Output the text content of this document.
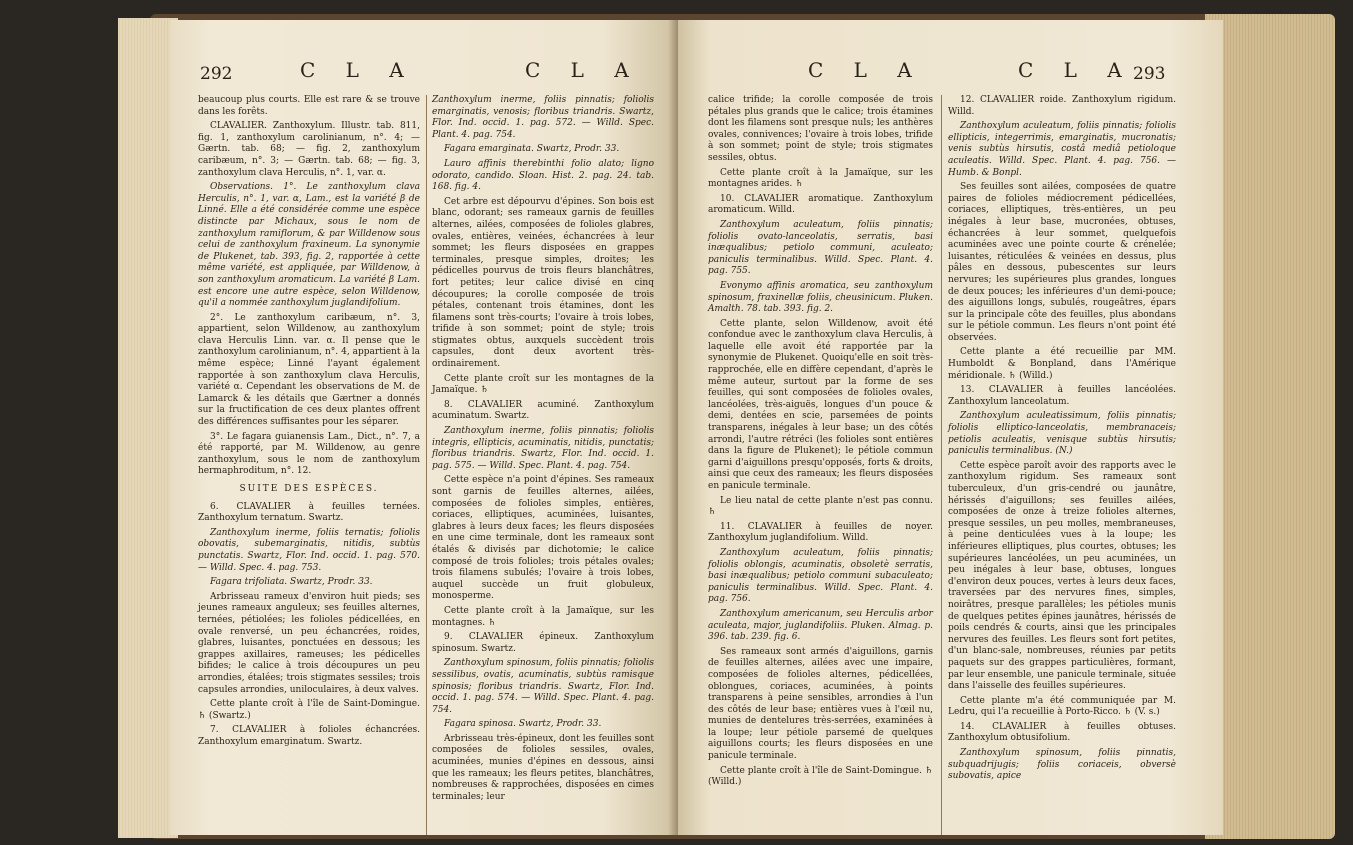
292	C L A	C L A

beaucoup plus courts. Elle est rare & se trouve dans les forêts.

CLAVALIER. Zanthoxylum. Illustr. tab. 811, fig. 1, zanthoxylum carolinianum, n°. 4; — Gærtn. tab. 68; — fig. 2, zanthoxylum caribæum, n°. 3; — Gærtn. tab. 68; — fig. 3, zanthoxylum clava Herculis, n°. 1, var. α.

Observations. 1°. Le zanthoxylum clava Herculis, n°. 1, var. α, Lam., est la variété β de Linné. Elle a été considérée comme une espèce distincte par Michaux, sous le nom de zanthoxylum ramiflorum, & par Willdenow sous celui de zanthoxylum fraxineum. La synonymie de Plukenet, tab. 393, fig. 2, rapportée à cette même variété, est appliquée, par Willdenow, à son zanthoxylum aromaticum. La variété β Lam. est encore une autre espèce, selon Willdenow, qu'il a nommée zanthoxylum juglandifolium.

2°. Le zanthoxylum caribæum, n°. 3, appartient, selon Willdenow, au zanthoxylum clava Herculis Linn. var. α. Il pense que le zanthoxylum carolinianum, n°. 4, appartient à la même espèce; Linné l'ayant également rapportée à son zanthoxylum clava Herculis, variété α. Cependant les observations de M. de Lamarck & les détails que Gærtner a donnés sur la fructification de ces deux plantes offrent des différences suffisantes pour les séparer.

3°. Le fagara guianensis Lam., Dict., n°. 7, a été rapporté, par M. Willdenow, au genre zanthoxylum, sous le nom de zanthoxylum hermaphroditum, n°. 12.

SUITE DES ESPÈCES.

6. CLAVALIER à feuilles ternées. Zanthoxylum ternatum. Swartz.

Zanthoxylum inerme, foliis ternatis; foliolis obovatis, subemarginatis, nitidis, subtùs punctatis. Swartz, Flor. Ind. occid. 1. pag. 570. — Willd. Spec. 4. pag. 753.

Fagara trifoliata. Swartz, Prodr. 33.

Arbrisseau rameux d'environ huit pieds; ses jeunes rameaux anguleux; ses feuilles alternes, ternées, pétiolées; les folioles pédicellées, en ovale renversé, un peu échancrées, roides, glabres, luisantes, ponctuées en dessous; les grappes axillaires, rameuses; les pédicelles bifides; le calice à trois découpures un peu arrondies, étalées; trois stigmates sessiles; trois capsules arrondies, uniloculaires, à deux valves.

Cette plante croît à l'île de Saint-Domingue. ♄ (Swartz.)

7. CLAVALIER à folioles échancrées. Zanthoxylum emarginatum. Swartz.

Zanthoxylum inerme, foliis pinnatis; foliolis emarginatis, venosis; floribus triandris. Swartz, Flor. Ind. occid. 1. pag. 572. — Willd. Spec. Plant. 4. pag. 754.

Fagara emarginata. Swartz, Prodr. 33.

Lauro affinis therebinthi folio alato; ligno odorato, candido. Sloan. Hist. 2. pag. 24. tab. 168. fig. 4.

Cet arbre est dépourvu d'épines. Son bois est blanc, odorant; ses rameaux garnis de feuilles alternes, ailées, composées de folioles glabres, ovales, entières, veinées, échancrées à leur sommet; les fleurs disposées en grappes terminales, presque simples, droites; les pédicelles pourvus de trois fleurs blanchâtres, fort petites; leur calice divisé en cinq découpures; la corolle composée de trois pétales, contenant trois étamines, dont les filamens sont très-courts; l'ovaire à trois lobes, trifide à son sommet; point de style; trois stigmates obtus, auxquels succèdent trois capsules, dont deux avortent très-ordinairement.

Cette plante croît sur les montagnes de la Jamaïque. ♄

8. CLAVALIER acuminé. Zanthoxylum acuminatum. Swartz.

Zanthoxylum inerme, foliis pinnatis; foliolis integris, ellipticis, acuminatis, nitidis, punctatis; floribus triandris. Swartz, Flor. Ind. occid. 1. pag. 575. — Willd. Spec. Plant. 4. pag. 754.

Cette espèce n'a point d'épines. Ses rameaux sont garnis de feuilles alternes, ailées, composées de folioles simples, entières, coriaces, elliptiques, acuminées, luisantes, glabres à leurs deux faces; les fleurs disposées en une cime terminale, dont les rameaux sont étalés & divisés par dichotomie; le calice composé de trois folioles; trois pétales ovales; trois filamens subulés; l'ovaire à trois lobes, auquel succède un fruit globuleux, monosperme.

Cette plante croît à la Jamaïque, sur les montagnes. ♄

9. CLAVALIER épineux. Zanthoxylum spinosum. Swartz.

Zanthoxylum spinosum, foliis pinnatis; foliolis sessilibus, ovatis, acuminatis, subtùs ramisque spinosis; floribus triandris. Swartz, Flor. Ind. occid. 1. pag. 574. — Willd. Spec. Plant. 4. pag. 754.

Fagara spinosa. Swartz, Prodr. 33.

Arbrisseau très-épineux, dont les feuilles sont composées de folioles sessiles, ovales, acuminées, munies d'épines en dessous, ainsi que les rameaux; les fleurs petites, blanchâtres, nombreuses & rapprochées, disposées en cimes terminales; leur

C L A	C L A 293

calice trifide; la corolle composée de trois pétales plus grands que le calice; trois étamines dont les filamens sont presque nuls; les anthères ovales, connivences; l'ovaire à trois lobes, trifide à son sommet; point de style; trois stigmates sessiles, obtus.

Cette plante croît à la Jamaïque, sur les montagnes arides. ♄

10. CLAVALIER aromatique. Zanthoxylum aromaticum. Willd.

Zanthoxylum aculeatum, foliis pinnatis; foliolis ovato-lanceolatis, serratis, basi inæqualibus; petiolo communi, aculeato; paniculis terminalibus. Willd. Spec. Plant. 4. pag. 755.

Evonymo affinis aromatica, seu zanthoxylum spinosum, fraxinellæ foliis, cheusinicum. Pluken. Amalth. 78. tab. 393. fig. 2.

Cette plante, selon Willdenow, avoit été confondue avec le zanthoxylum clava Herculis, à laquelle elle avoit été rapportée par la synonymie de Plukenet. Quoiqu'elle en soit très-rapprochée, elle en diffère cependant, d'après le même auteur, surtout par la forme de ses feuilles, qui sont composées de folioles ovales, lancéolées, très-aiguës, longues d'un pouce & demi, dentées en scie, parsemées de points transparens, inégales à leur base; un des côtés arrondi, l'autre rétréci (les folioles sont entières dans la figure de Plukenet); le pétiole commun garni d'aiguillons presqu'opposés, forts & droits, ainsi que ceux des rameaux; les fleurs disposées en panicule terminale.

Le lieu natal de cette plante n'est pas connu. ♄

11. CLAVALIER à feuilles de noyer. Zanthoxylum juglandifolium. Willd.

Zanthoxylum aculeatum, foliis pinnatis; foliolis oblongis, acuminatis, obsoletè serratis, basi inæqualibus; petiolo communi subaculeato; paniculis terminalibus. Willd. Spec. Plant. 4. pag. 756.

Zanthoxylum americanum, seu Herculis arbor aculeata, major, juglandifoliis. Pluken. Almag. p. 396. tab. 239. fig. 6.

Ses rameaux sont armés d'aiguillons, garnis de feuilles alternes, ailées avec une impaire, composées de folioles alternes, pédicellées, oblongues, coriaces, acuminées, à points transparens à peine sensibles, arrondies à l'un des côtés de leur base; entières vues à l'œil nu, munies de dentelures très-serrées, examinées à la loupe; leur pétiole parsemé de quelques aiguillons courts; les fleurs disposées en une panicule terminale.

Cette plante croît à l'île de Saint-Domingue. ♄ (Willd.)

12. CLAVALIER roide. Zanthoxylum rigidum. Willd.

Zanthoxylum aculeatum, foliis pinnatis; foliolis ellipticis, integerrimis, emarginatis, mucronatis; venis subtùs hirsutis, costâ mediâ petioloque aculeatis. Willd. Spec. Plant. 4. pag. 756. — Humb. & Bonpl.

Ses feuilles sont ailées, composées de quatre paires de folioles médiocrement pédicellées, coriaces, elliptiques, très-entières, un peu inégales à leur base, mucronées, obtuses, échancrées à leur sommet, quelquefois acuminées avec une pointe courte & crénelée; luisantes, réticulées & veinées en dessus, plus pâles en dessous, pubescentes sur leurs nervures; les supérieures plus grandes, longues de deux pouces; les inférieures d'un demi-pouce; des aiguillons longs, subulés, rougeâtres, épars sur la principale côte des feuilles, plus abondans sur le pétiole commun. Les fleurs n'ont point été observées.

Cette plante a été recueillie par MM. Humboldt & Bonpland, dans l'Amérique méridionale. ♄ (Willd.)

13. CLAVALIER à feuilles lancéolées. Zanthoxylum lanceolatum.

Zanthoxylum aculeatissimum, foliis pinnatis; foliolis elliptico-lanceolatis, membranaceis; petiolis aculeatis, venisque subtùs hirsutis; paniculis terminalibus. (N.)

Cette espèce paroît avoir des rapports avec le zanthoxylum rigidum. Ses rameaux sont tuberculeux, d'un gris-cendré ou jaunâtre, hérissés d'aiguillons; ses feuilles ailées, composées de onze à treize folioles alternes, presque sessiles, un peu molles, membraneuses, à peine denticulées vues à la loupe; les inférieures elliptiques, plus courtes, obtuses; les supérieures lancéolées, un peu acuminées, un peu inégales à leur base, obtuses, longues d'environ deux pouces, vertes à leurs deux faces, traversées par des nervures fines, simples, noirâtres, presque parallèles; les pétioles munis de quelques petites épines jaunâtres, hérissés de poils cendrés & courts, ainsi que les principales nervures des feuilles. Les fleurs sont fort petites, d'un blanc-sale, nombreuses, réunies par petits paquets sur des grappes particulières, formant, par leur ensemble, une panicule terminale, située dans l'aisselle des feuilles supérieures.

Cette plante m'a été communiquée par M. Ledru, qui l'a recueillie à Porto-Ricco. ♄ (V. s.)

14. CLAVALIER à feuilles obtuses. Zanthoxylum obtusifolium.

Zanthoxylum spinosum, foliis pinnatis, subquadrijugis; foliis coriaceis, obversè subovatis, apice
